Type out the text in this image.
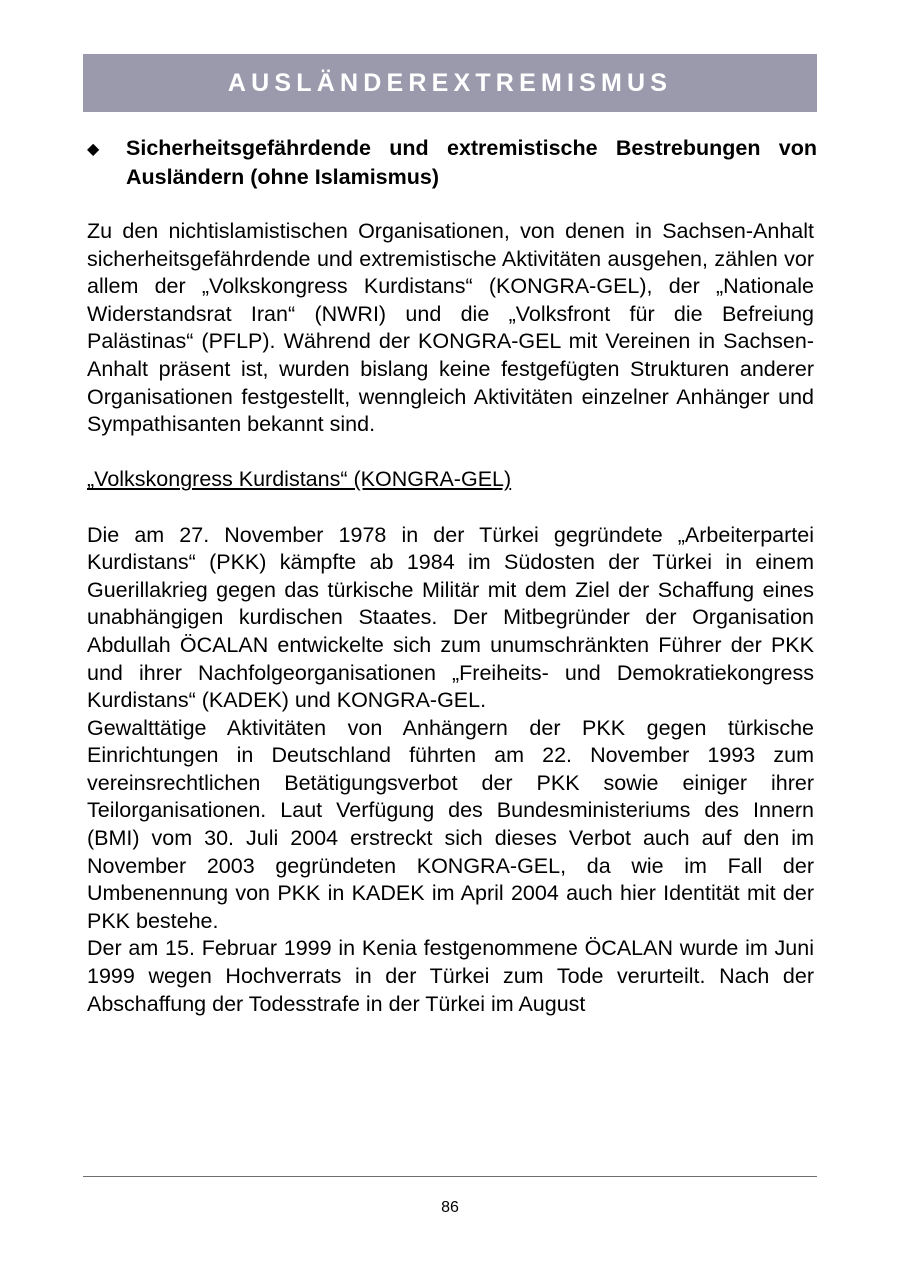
AUSLÄNDEREXTREMISMUS
◆	Sicherheitsgefährdende und extremistische Bestrebungen von Ausländern (ohne Islamismus)

Zu den nichtislamistischen Organisationen, von denen in Sachsen-Anhalt sicherheitsgefährdende und extremistische Aktivitäten ausgehen, zählen vor allem der „Volkskongress Kurdistans“ (KONGRA-GEL), der „Nationale Widerstandsrat Iran“ (NWRI) und die „Volksfront für die Befreiung Palästinas“ (PFLP). Während der KONGRA-GEL mit Vereinen in Sachsen-Anhalt präsent ist, wurden bislang keine festgefügten Strukturen anderer Organisationen festgestellt, wenngleich Aktivitäten einzelner Anhänger und Sympathisanten bekannt sind.

„Volkskongress Kurdistans“ (KONGRA-GEL)

Die am 27. November 1978 in der Türkei gegründete „Arbeiterpartei Kurdistans“ (PKK) kämpfte ab 1984 im Südosten der Türkei in einem Guerillakrieg gegen das türkische Militär mit dem Ziel der Schaffung eines unabhängigen kurdischen Staates. Der Mitbegründer der Organisation Abdullah ÖCALAN entwickelte sich zum unumschränkten Führer der PKK und ihrer Nachfolgeorganisationen „Freiheits- und Demokratiekongress Kurdistans“ (KADEK) und KONGRA-GEL.

Gewalttätige Aktivitäten von Anhängern der PKK gegen türkische Einrichtungen in Deutschland führten am 22. November 1993 zum vereinsrechtlichen Betätigungsverbot der PKK sowie einiger ihrer Teilorganisationen. Laut Verfügung des Bundesministeriums des Innern (BMI) vom 30. Juli 2004 erstreckt sich dieses Verbot auch auf den im November 2003 gegründeten KONGRA-GEL, da wie im Fall der Umbenennung von PKK in KADEK im April 2004 auch hier Identität mit der PKK bestehe.

Der am 15. Februar 1999 in Kenia festgenommene ÖCALAN wurde im Juni 1999 wegen Hochverrats in der Türkei zum Tode verurteilt. Nach der Abschaffung der Todesstrafe in der Türkei im August

86
